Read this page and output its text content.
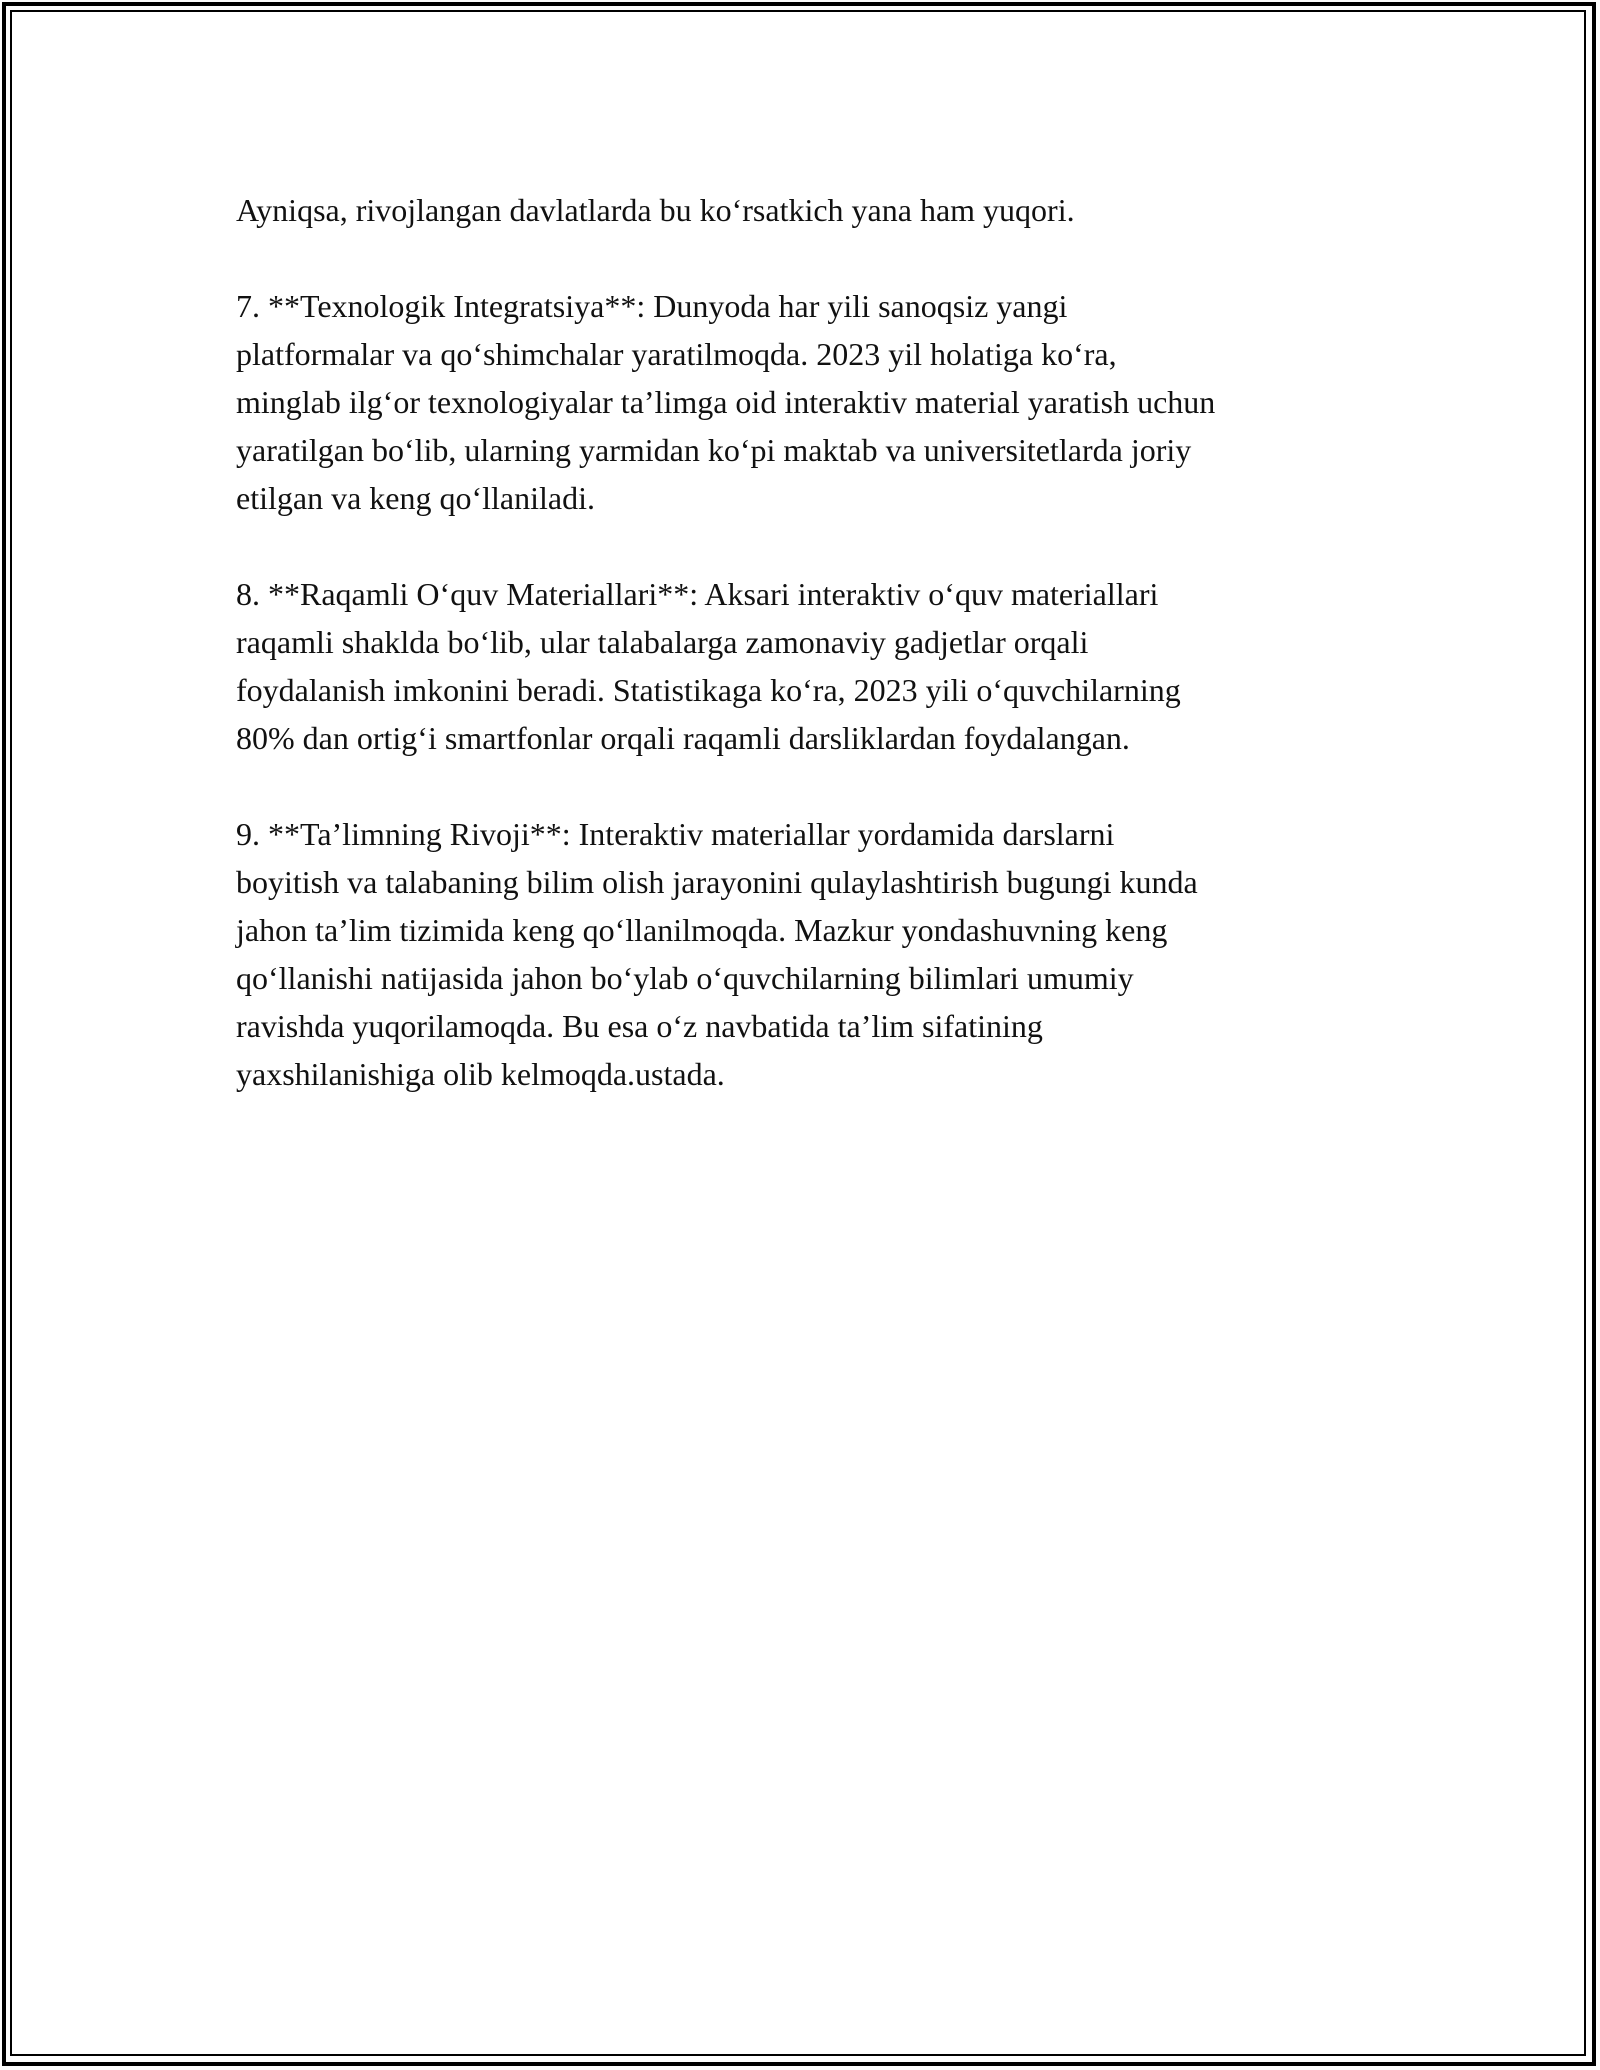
Ayniqsa, rivojlangan davlatlarda bu ko‘rsatkich yana ham yuqori.

7. **Texnologik Integratsiya**: Dunyoda har yili sanoqsiz yangi
platformalar va qo‘shimchalar yaratilmoqda. 2023 yil holatiga ko‘ra,
minglab ilg‘or texnologiyalar ta’limga oid interaktiv material yaratish uchun
yaratilgan bo‘lib, ularning yarmidan ko‘pi maktab va universitetlarda joriy
etilgan va keng qo‘llaniladi.

8. **Raqamli O‘quv Materiallari**: Aksari interaktiv o‘quv materiallari
raqamli shaklda bo‘lib, ular talabalarga zamonaviy gadjetlar orqali
foydalanish imkonini beradi. Statistikaga ko‘ra, 2023 yili o‘quvchilarning
80% dan ortig‘i smartfonlar orqali raqamli darsliklardan foydalangan.

9. **Ta’limning Rivoji**: Interaktiv materiallar yordamida darslarni
boyitish va talabaning bilim olish jarayonini qulaylashtirish bugungi kunda
jahon ta’lim tizimida keng qo‘llanilmoqda. Mazkur yondashuvning keng
qo‘llanishi natijasida jahon bo‘ylab o‘quvchilarning bilimlari umumiy
ravishda yuqorilamoqda. Bu esa o‘z navbatida ta’lim sifatining
yaxshilanishiga olib kelmoqda.ustada.
